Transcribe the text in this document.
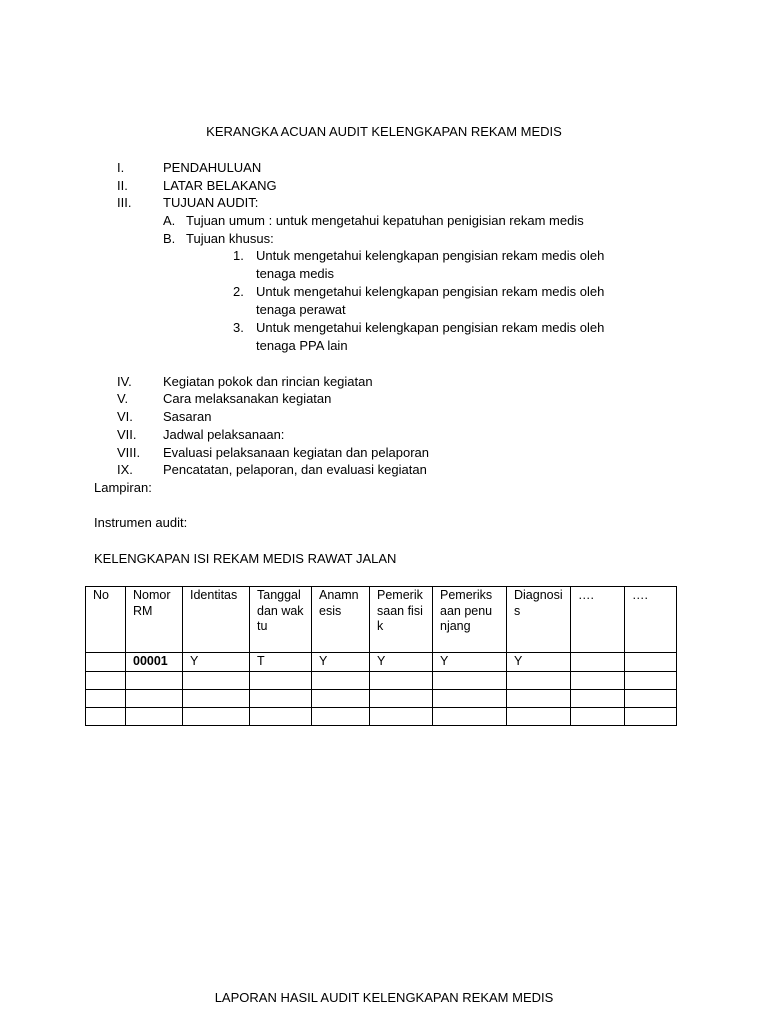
KERANGKA ACUAN AUDIT KELENGKAPAN REKAM MEDIS
I.	PENDAHULUAN
II.	LATAR BELAKANG
III. TUJUAN AUDIT:
A. Tujuan umum : untuk mengetahui kepatuhan penigisian rekam medis
B. Tujuan khusus:
1. Untuk mengetahui kelengkapan pengisian rekam medis oleh
tenaga medis
2. Untuk mengetahui kelengkapan pengisian rekam medis oleh
tenaga perawat
3. Untuk mengetahui kelengkapan pengisian rekam medis oleh
tenaga PPA lain
IV. Kegiatan pokok dan rincian kegiatan
V.	Cara melaksanakan kegiatan
VI. Sasaran
VII. Jadwal pelaksanaan:
VIII. Evaluasi pelaksanaan kegiatan dan pelaporan
IX. Pencatatan, pelaporan, dan evaluasi kegiatan
Lampiran:
Instrumen audit:
KELENGKAPAN ISI REKAM MEDIS RAWAT JALAN
No	Nomor RM	Identitas	Tanggal dan waktu	Anamnesis	Pemeriksaan fisik	Pemeriksaan penunjang	Diagnosis	….	….
	00001	Y	T	Y	Y	Y	Y		

LAPORAN HASIL AUDIT KELENGKAPAN REKAM MEDIS
